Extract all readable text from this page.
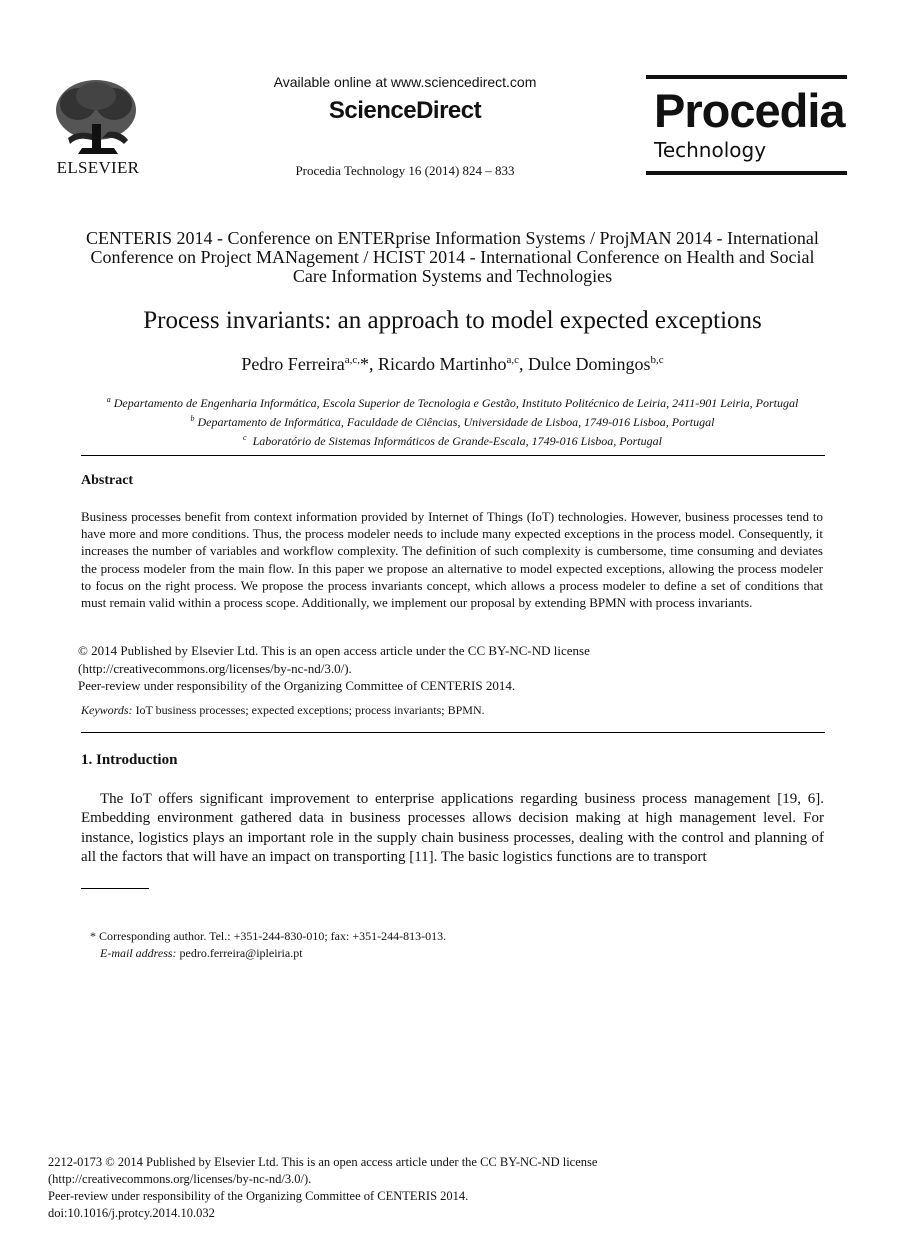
ELSEVIER
Available online at www.sciencedirect.com
ScienceDirect
Procedia Technology 16 (2014) 824 – 833
Procedia
Technology
CENTERIS 2014 - Conference on ENTERprise Information Systems / ProjMAN 2014 - International Conference on Project MANagement / HCIST 2014 - International Conference on Health and Social Care Information Systems and Technologies
Process invariants: an approach to model expected exceptions
Pedro Ferreira$^{a,c,}$*, Ricardo Martinho$^{a,c}$, Dulce Domingos$^{b,c}$
$^a$ Departamento de Engenharia Informática, Escola Superior de Tecnologia e Gestão, Instituto Politécnico de Leiria, 2411-901 Leiria, Portugal
$^b$ Departamento de Informática, Faculdade de Ciências, Universidade de Lisboa, 1749-016 Lisboa, Portugal
$^c$ Laboratório de Sistemas Informáticos de Grande-Escala, 1749-016 Lisboa, Portugal
Abstract
Business processes benefit from context information provided by Internet of Things (IoT) technologies. However, business processes tend to have more and more conditions. Thus, the process modeler needs to include many expected exceptions in the process model. Consequently, it increases the number of variables and workflow complexity. The definition of such complexity is cumbersome, time consuming and deviates the process modeler from the main flow. In this paper we propose an alternative to model expected exceptions, allowing the process modeler to focus on the right process. We propose the process invariants concept, which allows a process modeler to define a set of conditions that must remain valid within a process scope. Additionally, we implement our proposal by extending BPMN with process invariants.
© 2014 Published by Elsevier Ltd. This is an open access article under the CC BY-NC-ND license
(http://creativecommons.org/licenses/by-nc-nd/3.0/).
Peer-review under responsibility of the Organizing Committee of CENTERIS 2014.
Keywords: IoT business processes; expected exceptions; process invariants; BPMN.
1. Introduction
The IoT offers significant improvement to enterprise applications regarding business process management [19, 6]. Embedding environment gathered data in business processes allows decision making at high management level. For instance, logistics plays an important role in the supply chain business processes, dealing with the control and planning of all the factors that will have an impact on transporting [11]. The basic logistics functions are to transport
* Corresponding author. Tel.: +351-244-830-010; fax: +351-244-813-013.
E-mail address: pedro.ferreira@ipleiria.pt
2212-0173 © 2014 Published by Elsevier Ltd. This is an open access article under the CC BY-NC-ND license
(http://creativecommons.org/licenses/by-nc-nd/3.0/).
Peer-review under responsibility of the Organizing Committee of CENTERIS 2014.
doi:10.1016/j.protcy.2014.10.032
